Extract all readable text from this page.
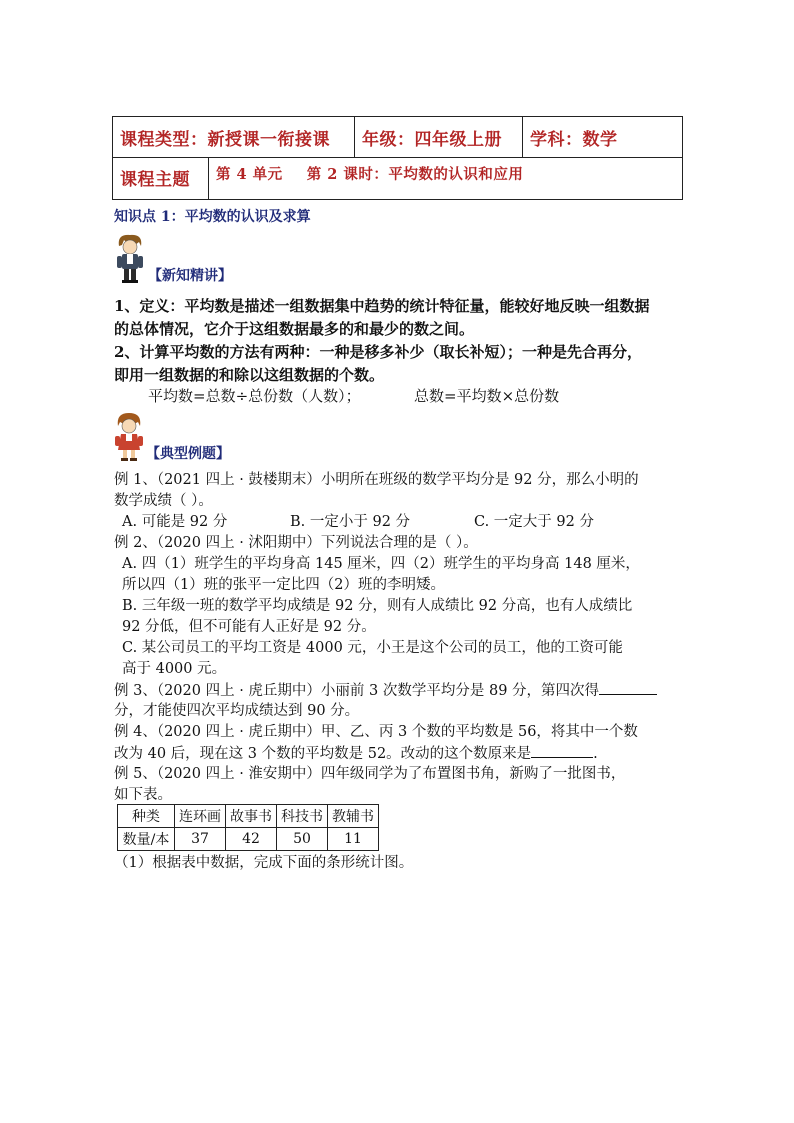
课程类型：新授课一衔接课	年级：四年级上册	学科：数学
课程主题	第 4 单元 第 2 课时：平均数的认识和应用
知识点 1：平均数的认识及求算
【新知精讲】
1、定义：平均数是描述一组数据集中趋势的统计特征量，能较好地反映一组数据
的总体情况，它介于这组数据最多的和最少的数之间。
2、计算平均数的方法有两种：一种是移多补少（取长补短）；一种是先合再分，
即用一组数据的和除以这组数据的个数。
平均数=总数÷总份数（人数）；	总数=平均数×总份数
【典型例题】
例 1、（2021 四上 · 鼓楼期末）小明所在班级的数学平均分是 92 分，那么小明的
数学成绩（ ）。
A. 可能是 92 分	B. 一定小于 92 分	C. 一定大于 92 分
例 2、（2020 四上 · 沭阳期中）下列说法合理的是（ ）。
A. 四（1）班学生的平均身高 145 厘米，四（2）班学生的平均身高 148 厘米，
所以四（1）班的张平一定比四（2）班的李明矮。
B. 三年级一班的数学平均成绩是 92 分，则有人成绩比 92 分高，也有人成绩比
92 分低，但不可能有人正好是 92 分。
C. 某公司员工的平均工资是 4000 元，小王是这个公司的员工，他的工资可能
高于 4000 元。
例 3、（2020 四上 · 虎丘期中）小丽前 3 次数学平均分是 89 分，第四次得
分，才能使四次平均成绩达到 90 分。
例 4、（2020 四上 · 虎丘期中）甲、乙、丙 3 个数的平均数是 56，将其中一个数
改为 40 后，现在这 3 个数的平均数是 52。改动的这个数原来是	.
例 5、（2020 四上 · 淮安期中）四年级同学为了布置图书角，新购了一批图书，
如下表。
种类	连环画	故事书	科技书	教辅书
数量/本	37	42	50	11
（1）根据表中数据，完成下面的条形统计图。
